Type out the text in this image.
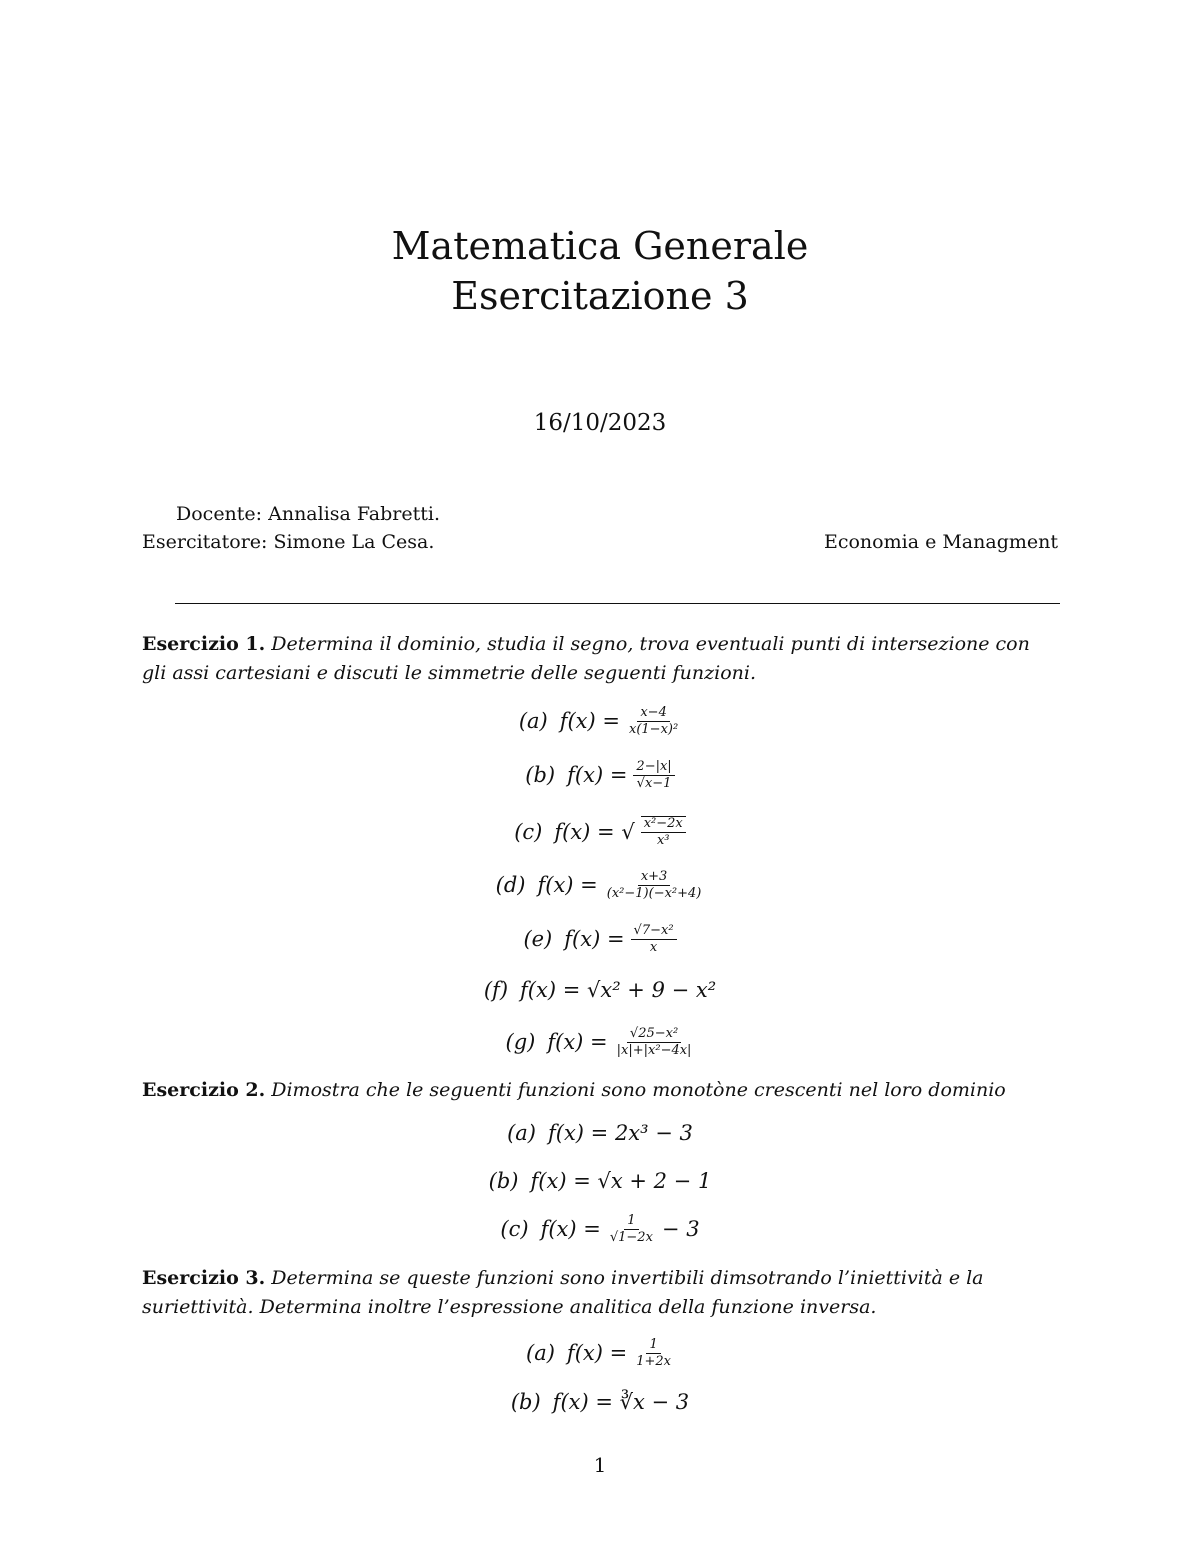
Matematica Generale
Esercitazione 3
16/10/2023
Docente: Annalisa Fabretti.
Esercitatore: Simone La Cesa.	Economia e Managment
Esercizio 1. Determina il dominio, studia il segno, trova eventuali punti di intersezione con gli assi cartesiani e discuti le simmetrie delle seguenti funzioni.
Esercizio 2. Dimostra che le seguenti funzioni sono monotòne crescenti nel loro dominio
Esercizio 3. Determina se queste funzioni sono invertibili dimsotrando l’iniettività e la suriettività. Determina inoltre l’espressione analitica della funzione inversa.
(a) $f(x) = \frac{x-4}{\text{x(1−x)²}}$
(b) $f(x) = \frac{2-|x|}{√x-1}$
(c) f(x) = √ $\frac{\text{x²−2x}}{\text{x³}}$
(d) $f(x) = \frac{x+3}{\text{(x²−1)(−x²+4)}}$
(e) $f(x) = \frac{\text{√7−x²}}{x}$
(f) f(x) = √x² + 9 − x²
(g) $f(x) = \frac{\text{√25−x²}}{\text{|x|+|x²−4x|}}$
(a) f(x) = 2x³ − 3
(b) f(x) = √x + 2 − 1
(c) $f(x) = \frac{1}{√1-2x} - 3$
(a) $f(x) = \frac{1}{1+2x}$
(b) f(x) = ∛x − 3
1
